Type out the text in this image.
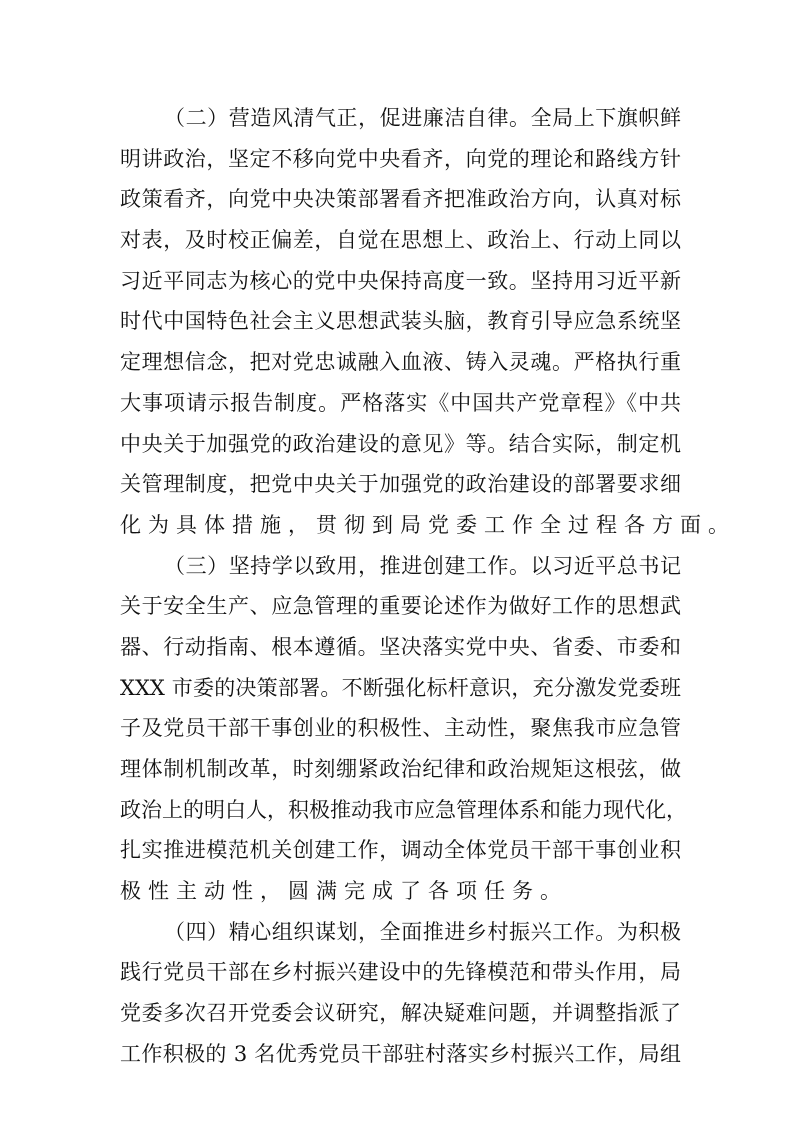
（二）营造风清气正，促进廉洁自律。全局上下旗帜鲜
明讲政治，坚定不移向党中央看齐，向党的理论和路线方针
政策看齐，向党中央决策部署看齐把准政治方向，认真对标
对表，及时校正偏差，自觉在思想上、政治上、行动上同以
习近平同志为核心的党中央保持高度一致。坚持用习近平新
时代中国特色社会主义思想武装头脑，教育引导应急系统坚
定理想信念，把对党忠诚融入血液、铸入灵魂。严格执行重
大事项请示报告制度。严格落实《中国共产党章程》《中共
中央关于加强党的政治建设的意见》等。结合实际，制定机
关管理制度，把党中央关于加强党的政治建设的部署要求细
化为具体措施，贯彻到局党委工作全过程各方面。
（三）坚持学以致用，推进创建工作。以习近平总书记
关于安全生产、应急管理的重要论述作为做好工作的思想武
器、行动指南、根本遵循。坚决落实党中央、省委、市委和
XXX 市委的决策部署。不断强化标杆意识，充分激发党委班
子及党员干部干事创业的积极性、主动性，聚焦我市应急管
理体制机制改革，时刻绷紧政治纪律和政治规矩这根弦，做
政治上的明白人，积极推动我市应急管理体系和能力现代化，
扎实推进模范机关创建工作，调动全体党员干部干事创业积
极性主动性，圆满完成了各项任务。
（四）精心组织谋划，全面推进乡村振兴工作。为积极
践行党员干部在乡村振兴建设中的先锋模范和带头作用，局
党委多次召开党委会议研究，解决疑难问题，并调整指派了
工作积极的 3 名优秀党员干部驻村落实乡村振兴工作，局组
